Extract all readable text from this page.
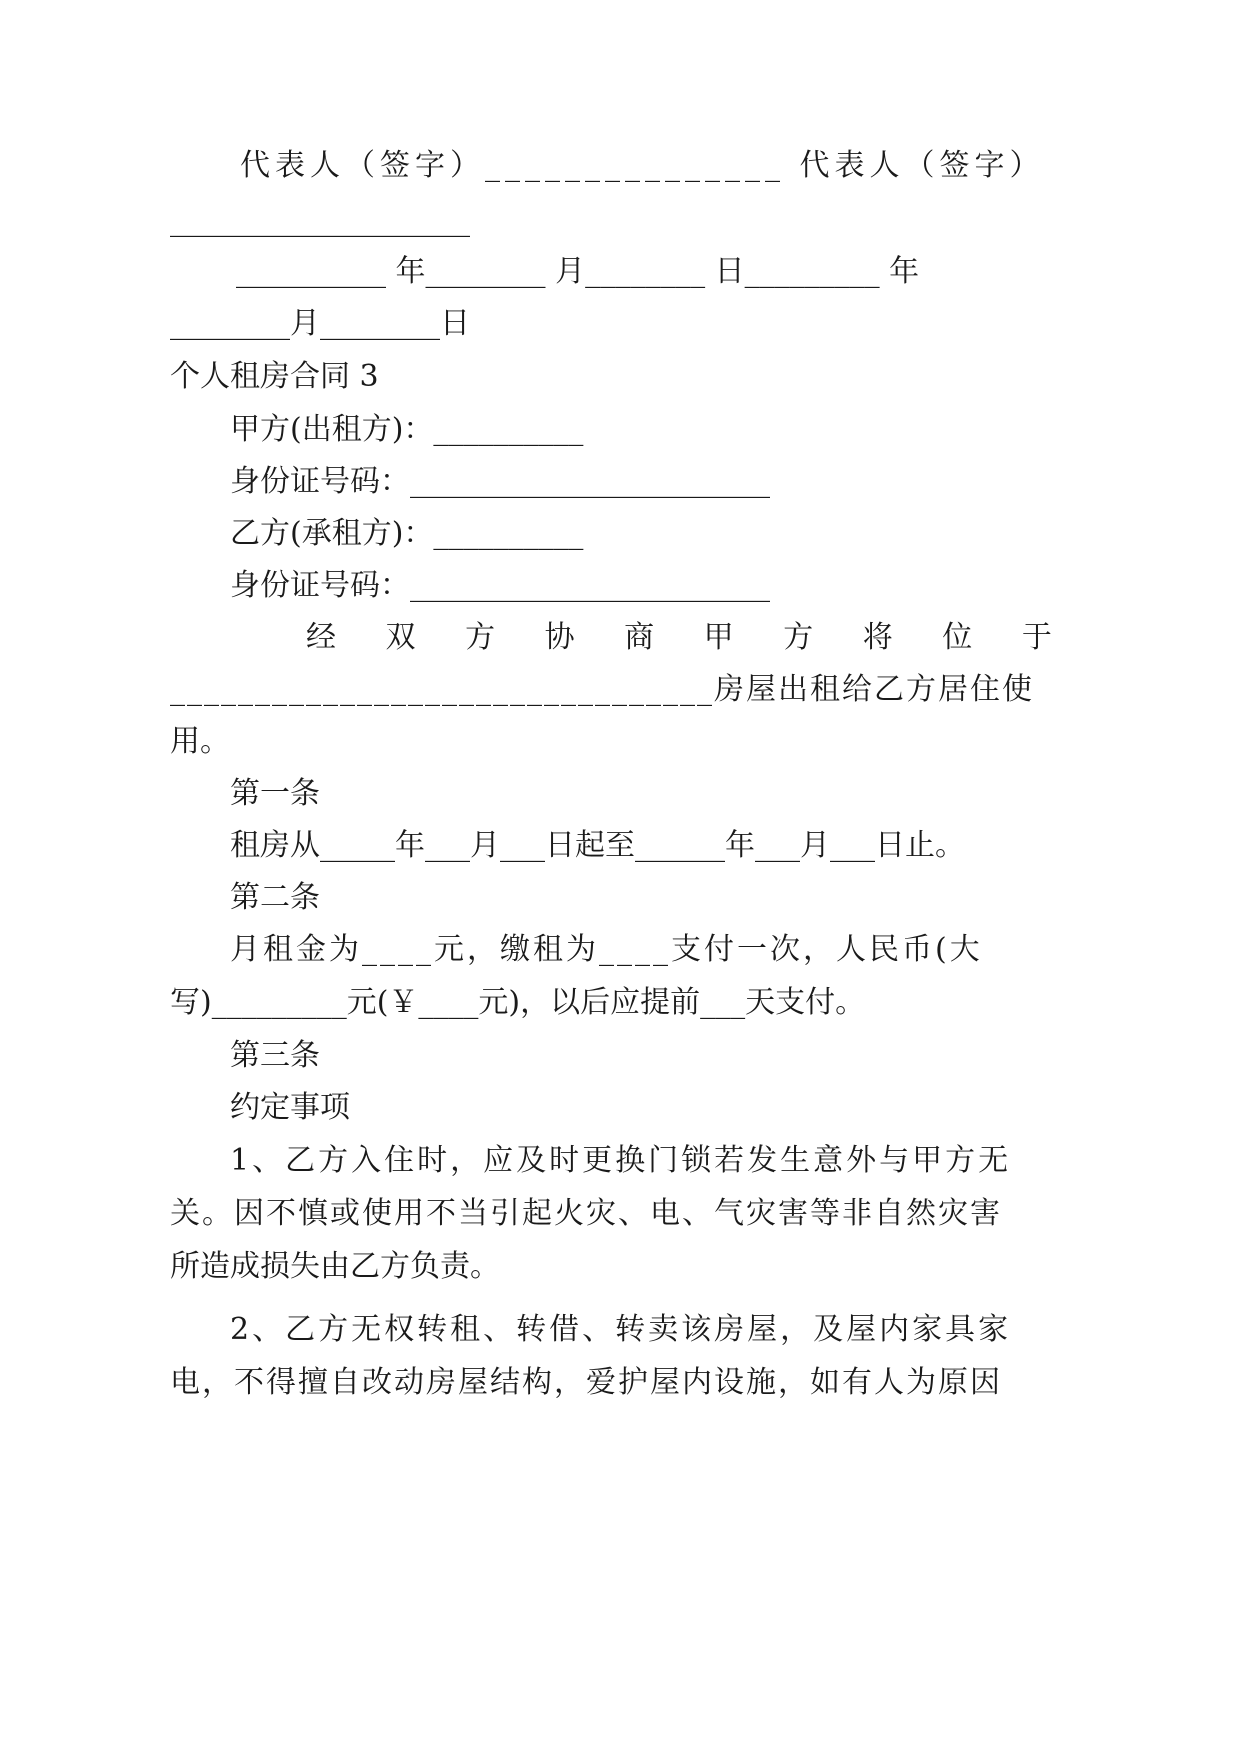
代表人（签字）_______________ 代表人（签字）
____________________
__________ 年________ 月________ 日_________ 年
________月________日
个人租房合同 3
甲方(出租方)：__________
身份证号码：________________________
乙方(承租方)：__________
身份证号码：________________________
经 双 方 协 商 甲 方 将 位 于
________________________________房屋出租给乙方居住使
用。
第一条
租房从_____年___月___日起至______年___月___日止。
第二条
月租金为____元，缴租为____支付一次，人民币(大
写)_________元(￥____元)，以后应提前___天支付。
第三条
约定事项
1、乙方入住时，应及时更换门锁若发生意外与甲方无
关。因不慎或使用不当引起火灾、电、气灾害等非自然灾害
所造成损失由乙方负责。
2、乙方无权转租、转借、转卖该房屋，及屋内家具家
电，不得擅自改动房屋结构，爱护屋内设施，如有人为原因
